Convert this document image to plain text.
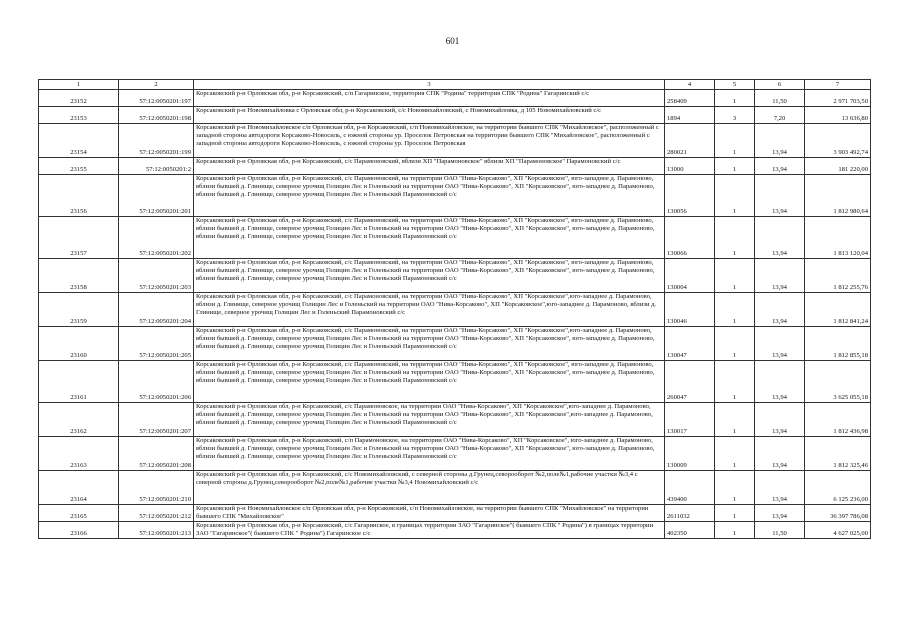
601
1	2	3	4	5	6	7
23152	57:12:0050201:197	Корсаковский р-н Орловская обл, р-н Корсаковский, с/п Гагаринское, территория СПК "Родина" территория СПК "Родина" Гагаринский с/с	258409	1	11,50	2 971 703,50
23153	57:12:0050201:198	Корсаковский р-н Новомихайловка с Орловская обл, р-н Корсаковский, с/с Новомихайловский, с Новомихайловка, д 105 Новомихайловский с/с	1894	3	7,20	13 636,80
23154	57:12:0050201:199	Корсаковский р-н Новомихайловское с/п Орловская обл, р-н Корсаковский, с/п Новомихайловское, на территории бывшего СПК "Михайловское", расположенный с западной стороны автодороги Корсаково-Новосиль, с южной стороны ур. Проселок Петровская на территории бывшего СПК "Михайловское", расположенный с западной стороны автодороги Корсаково-Новосиль, с южной стороны ур. Проселок Петровская	280021	1	13,94	3 903 492,74
23155	57:12:0050201:2	Корсаковский р-н Орловская обл, р-н Корсаковский, с/с Парамоновский, вблизи ХП "Парамоновское" вблизи ХП "Парамоновское" Парамоновский с/с	13000	1	13,94	181 220,00
23156	57:12:0050201:201	Корсаковский р-н Орловская обл, р-н Корсаковский, с/с Парамоновский, на территории ОАО "Нива-Корсаково", ХП "Корсаковское", юго-западнее д. Парамоново, вблизи бывшей д. Глинище, северное урочищ Голицин Лес и Голеньский на территории ОАО "Нива-Корсаково", ХП "Корсаковское", юго-западнее д. Парамоново, вблизи бывшей д. Глинище, северное урочищ Голицин Лес и Голеньский Парамоновский с/с	130056	1	13,94	1 812 980,64
23157	57:12:0050201:202	Корсаковский р-н Орловская обл, р-н Корсаковский, с/с Парамоновский, на территории ОАО "Нива-Корсаково", ХП "Корсаковское", юго-западнее д. Парамоново, вблизи бывшей д. Глинище, северное урочищ Голицин Лес и Голеньский на территории ОАО "Нива-Корсаково", ХП "Корсаковское", юго-западнее д. Парамоново, вблизи бывшей д. Глинище, северное урочищ Голицин Лес и Голеньский Парамоновский с/с	130066	1	13,94	1 813 120,04
23158	57:12:0050201:203	Корсаковский р-н Орловская обл, р-н Корсаковский, с/с Парамоновский, на территории ОАО "Нива-Корсаково", ХП "Корсаковское", юго-западнее д. Парамоново, вблизи бывшей д. Глинище, северное урочищ Голицин Лес и Голеньский на территории ОАО "Нива-Корсаково", ХП "Корсаковское", юго-западнее д. Парамоново, вблизи бывшей д. Глинище, северное урочищ Голицин Лес и Голеньский Парамоновский с/с	130004	1	13,94	1 812 255,76
23159	57:12:0050201:204	Корсаковский р-н Орловская обл, р-н Корсаковский, с/с Парамоновский, на территории ОАО "Нива-Корсаково", ХП "Корсаковское",юго-западнее д. Парамоново, вблизи д. Глинище, северное урочищ Голицин Лес и Голеньский на территории ОАО "Нива-Корсаково", ХП "Корсаковское",юго-западнее д. Парамоново, вблизи д. Глинище, северное урочищ Голицин Лес и Голеньский Парамоновский с/с	130046	1	13,94	1 812 841,24
23160	57:12:0050201:205	Корсаковский р-н Орловская обл, р-н Корсаковский, с/с Парамоновский, на территории ОАО "Нива-Корсаково", ХП "Корсаковское",юго-западнее д. Парамоново, вблизи бывшей д. Глинище, северное урочищ Голицин Лес и Голеньский на территории ОАО "Нива-Корсаково", ХП "Корсаковское", юго-западнее д. Парамоново, вблизи бывшей д. Глинище, северное урочищ Голицин Лес и Голеньский Парамоновский с/с	130047	1	13,94	1 812 855,18
23161	57:12:0050201:206	Корсаковский р-н Орловская обл, р-н Корсаковский, с/с Парамоновский, на территории ОАО "Нива-Корсаково", ХП "Корсаковское", юго-западнее д. Парамоново, вблизи бывшей д. Глинище, северное урочищ Голицин Лес и Голеньский на территории ОАО "Нива-Корсаково", ХП "Корсаковское", юго-западнее д. Парамоново, вблизи бывшей д. Глинище, северное урочищ Голицин Лес и Голеньский Парамоновский с/с	260047	1	13,94	3 625 055,18
23162	57:12:0050201:207	Корсаковский р-н Орловская обл, р-н Корсаковский, с/с Парамоновское, на территории ОАО "Нива-Корсаково", ХП "Корсаковское",юго-западнее д. Парамоново, вблизи бывшей д. Глинище, северное урочищ Голицин Лес и Голеньский на территории ОАО "Нива-Корсаково", ХП "Корсаковское",юго-западнее д. Парамоново, вблизи бывшей д. Глинище, северное урочищ Голицин Лес и Голеньский Парамоновский с/с	130017	1	13,94	1 812 436,98
23163	57:12:0050201:208	Корсаковский р-н Орловская обл, р-н Корсаковский, с/п Парамоновское, на территории ОАО "Нива-Корсаково", ХП "Корсаковское", юго-западнее д. Парамоново, вблизи бывшей д. Глинище, северное урочищ Голицин Лес и Голеньский на территории ОАО "Нива-Корсаково", ХП "Корсаковское", юго-западнее д. Парамоново, вблизи бывшей д. Глинище, северное урочищ Голицин Лес и Голеньский Парамоновский с/с	130009	1	13,94	1 812 325,46
23164	57:12:0050201:210	Корсаковский р-н Орловская обл, р-н Корсаковский, с/с Новомихайловский, с северной стороны д.Грунец,севорооборот №2,поле№1,рабочие участки №3,4 с северной стороны д.Грунец,севорооборот №2,поле№1,рабочие участки №3,4 Новомихайловский с/с	439400	1	13,94	6 125 236,00
23165	57:12:0050201:212	Корсаковский р-н Новомихайловское с/п Орловская обл, р-н Корсаковский, с/п Новомихайловское, на территории бывшего СПК "Михайловское" на территории бывшего СПК "Михайловское"	2611032	1	13,94	36 397 786,08
23166	57:12:0050201:213	Корсаковский р-н Орловская обл, р-н Корсаковский, с/с Гагаринское, в границах территории ЗАО "Гагаринское"( бывшего СПК " Родина") в границах территории ЗАО "Гагаринское"( бывшего СПК " Родина") Гагаринское с/с	402350	1	11,50	4 627 025,00
